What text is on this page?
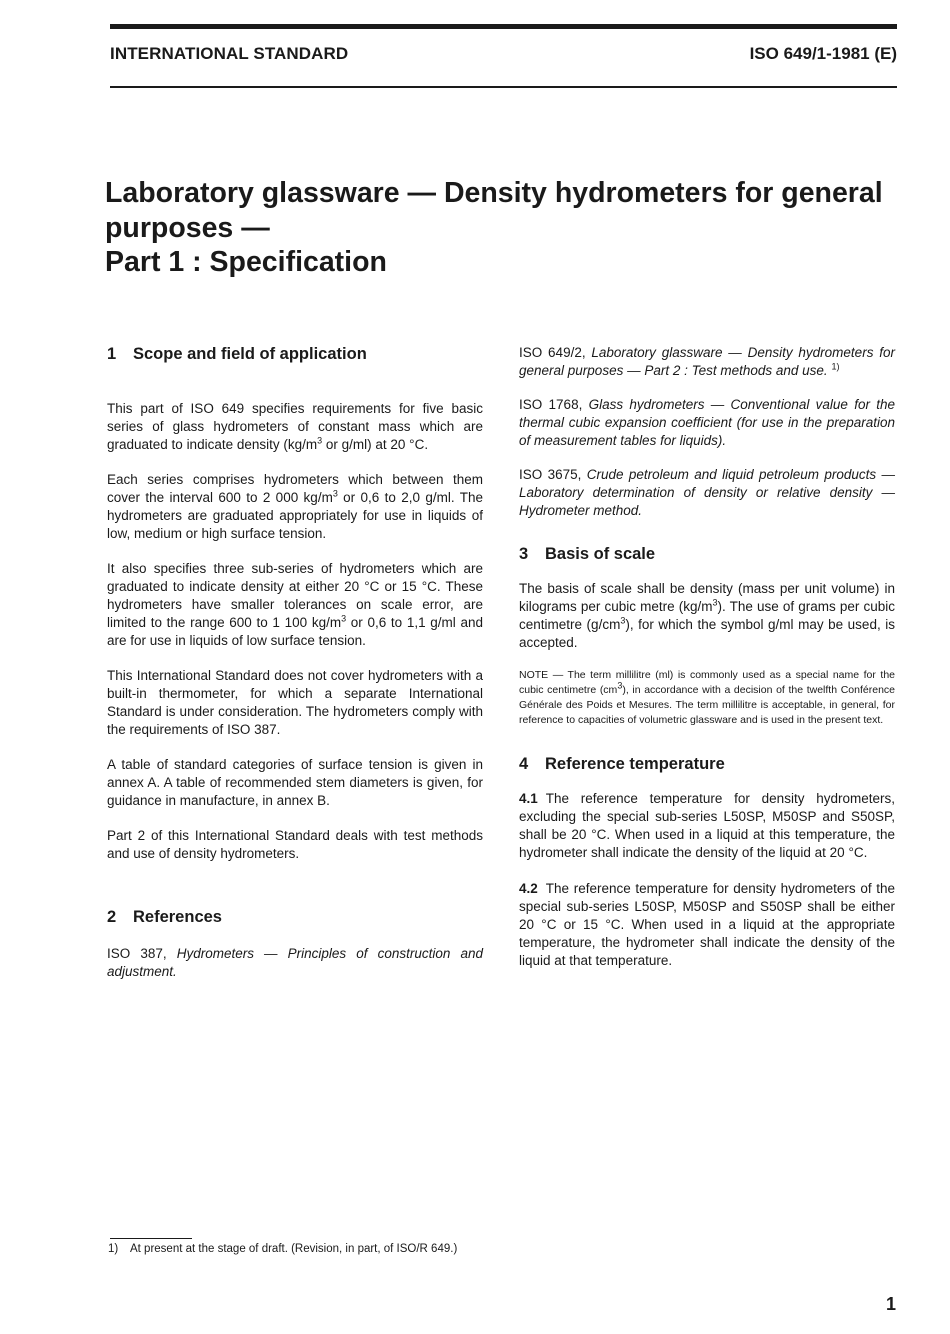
INTERNATIONAL STANDARD	ISO 649/1-1981 (E)
Laboratory glassware — Density hydrometers for general
purposes —
Part 1 : Specification
1 Scope and field of application

This part of ISO 649 specifies requirements for five basic series of glass hydrometers of constant mass which are graduated to indicate density ($kg/m^3$ or g/ml) at 20 °C.

Each series comprises hydrometers which between them cover the interval 600 to 2 000 $kg/m^3$ or 0,6 to 2,0 g/ml. The hydrometers are graduated appropriately for use in liquids of low, medium or high surface tension.

It also specifies three sub-series of hydrometers which are graduated to indicate density at either 20 °C or 15 °C. These hydrometers have smaller tolerances on scale error, are limited to the range 600 to 1 100 $kg/m^3$ or 0,6 to 1,1 g/ml and are for use in liquids of low surface tension.

This International Standard does not cover hydrometers with a built-in thermometer, for which a separate International Standard is under consideration. The hydrometers comply with the requirements of ISO 387.

A table of standard categories of surface tension is given in annex A. A table of recommended stem diameters is given, for guidance in manufacture, in annex B.

Part 2 of this International Standard deals with test methods and use of density hydrometers.

2 References

ISO 387, Hydrometers — Principles of construction and adjustment.

ISO 649/2, Laboratory glassware — Density hydrometers for general purposes — Part 2 : Test methods and use. $^{1)}$

ISO 1768, Glass hydrometers — Conventional value for the thermal cubic expansion coefficient (for use in the preparation of measurement tables for liquids).

ISO 3675, Crude petroleum and liquid petroleum products — Laboratory determination of density or relative density — Hydrometer method.

3 Basis of scale

The basis of scale shall be density (mass per unit volume) in kilograms per cubic metre $(kg/m^3)$. The use of grams per cubic centimetre $(g/cm^3)$, for which the symbol g/ml may be used, is accepted.

NOTE — The term millilitre (ml) is commonly used as a special name for the cubic centimetre $(cm^3)$, in accordance with a decision of the twelfth Conférence Générale des Poids et Mesures. The term millilitre is acceptable, in general, for reference to capacities of volumetric glassware and is used in the present text.

4 Reference temperature

4.1 The reference temperature for density hydrometers, excluding the special sub-series L50SP, M50SP and S50SP, shall be 20 °C. When used in a liquid at this temperature, the hydrometer shall indicate the density of the liquid at 20 °C.

4.2 The reference temperature for density hydrometers of the special sub-series L50SP, M50SP and S50SP shall be either 20 °C or 15 °C. When used in a liquid at the appropriate temperature, the hydrometer shall indicate the density of the liquid at that temperature.

1) At present at the stage of draft. (Revision, in part, of ISO/R 649.)
1
